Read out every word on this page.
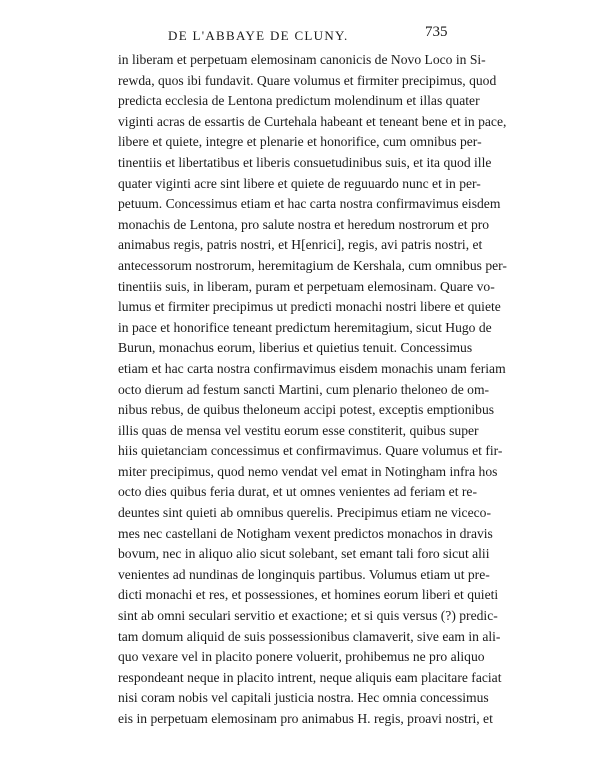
DE L'ABBAYE DE CLUNY.	735
in liberam et perpetuam elemosinam canonicis de Novo Loco in Si-
rewda, quos ibi fundavit. Quare volumus et firmiter precipimus, quod
predicta ecclesia de Lentona predictum molendinum et illas quater
viginti acras de essartis de Curtehala habeant et teneant bene et in pace,
libere et quiete, integre et plenarie et honorifice, cum omnibus per-
tinentiis et libertatibus et liberis consuetudinibus suis, et ita quod ille
quater viginti acre sint libere et quiete de reguuardo nunc et in per-
petuum. Concessimus etiam et hac carta nostra confirmavimus eisdem
monachis de Lentona, pro salute nostra et heredum nostrorum et pro
animabus regis, patris nostri, et H[enrici], regis, avi patris nostri, et
antecessorum nostrorum, heremitagium de Kershala, cum omnibus per-
tinentiis suis, in liberam, puram et perpetuam elemosinam. Quare vo-
lumus et firmiter precipimus ut predicti monachi nostri libere et quiete
in pace et honorifice teneant predictum heremitagium, sicut Hugo de
Burun, monachus eorum, liberius et quietius tenuit. Concessimus
etiam et hac carta nostra confirmavimus eisdem monachis unam feriam
octo dierum ad festum sancti Martini, cum plenario theloneo de om-
nibus rebus, de quibus theloneum accipi potest, exceptis emptionibus
illis quas de mensa vel vestitu eorum esse constiterit, quibus super
hiis quietanciam concessimus et confirmavimus. Quare volumus et fir-
miter precipimus, quod nemo vendat vel emat in Notingham infra hos
octo dies quibus feria durat, et ut omnes venientes ad feriam et re-
deuntes sint quieti ab omnibus querelis. Precipimus etiam ne viceco-
mes nec castellani de Notigham vexent predictos monachos in dravis
bovum, nec in aliquo alio sicut solebant, set emant tali foro sicut alii
venientes ad nundinas de longinquis partibus. Volumus etiam ut pre-
dicti monachi et res, et possessiones, et homines eorum liberi et quieti
sint ab omni seculari servitio et exactione; et si quis versus (?) predic-
tam domum aliquid de suis possessionibus clamaverit, sive eam in ali-
quo vexare vel in placito ponere voluerit, prohibemus ne pro aliquo
respondeant neque in placito intrent, neque aliquis eam placitare faciat
nisi coram nobis vel capitali justicia nostra. Hec omnia concessimus
eis in perpetuam elemosinam pro animabus H. regis, proavi nostri, et
